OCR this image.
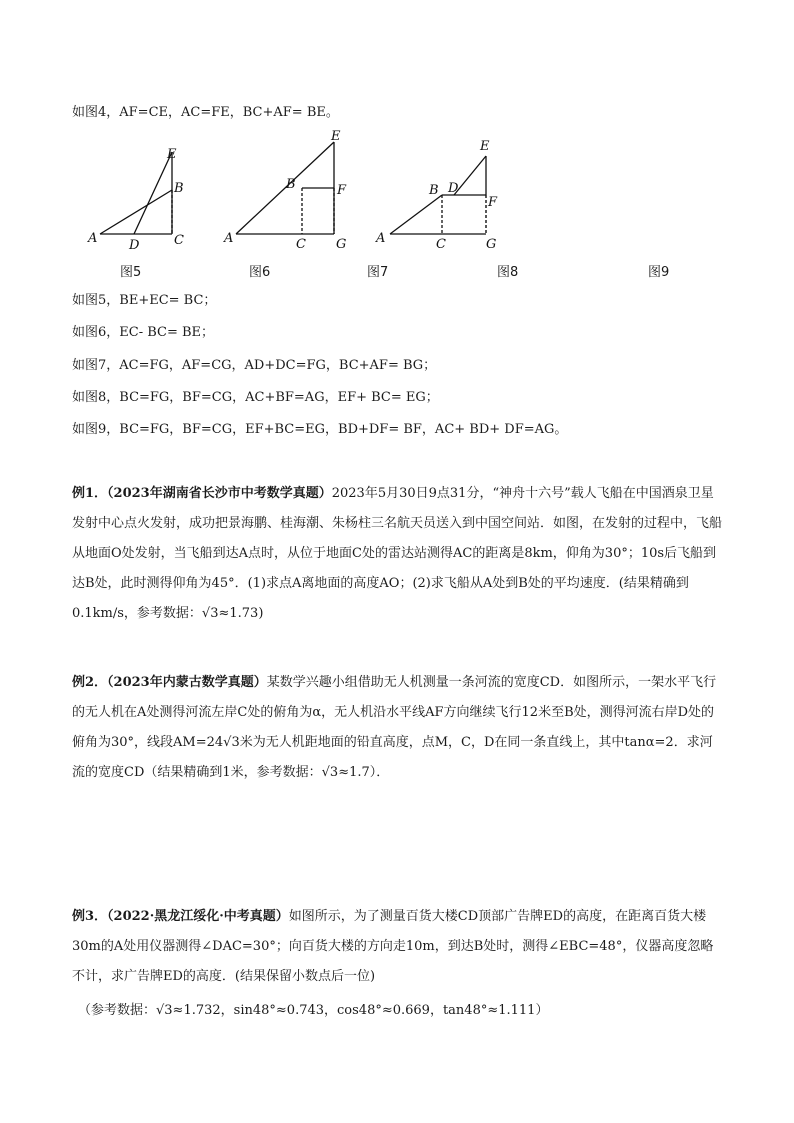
如图4，AF=CE，AC=FE，BC+AF= BE。
E
B
A D	C
E
B	F
A	C G
E
B D
F
A	C	G
图5	图6	图7	图8	图9
如图5，BE+EC= BC；
如图6，EC- BC= BE；
如图7，AC=FG，AF=CG，AD+DC=FG，BC+AF= BG；
如图8，BC=FG，BF=CG，AC+BF=AG，EF+ BC= EG；
如图9，BC=FG，BF=CG，EF+BC=EG，BD+DF= BF，AC+ BD+ DF=AG。
例1．（2023年湖南省长沙市中考数学真题）2023年5月30日9点31分，“神舟十六号”载人飞船在中国酒泉卫星发射中心点火发射，成功把景海鹏、桂海潮、朱杨柱三名航天员送入到中国空间站．如图，在发射的过程中，飞船从地面O处发射，当飞船到达A点时，从位于地面C处的雷达站测得AC的距离是8km，仰角为30°；10s后飞船到达B处，此时测得仰角为45°．(1)求点A离地面的高度AO；(2)求飞船从A处到B处的平均速度．(结果精确到0.1km/s，参考数据：√3≈1.73)
例2．（2023年内蒙古数学真题）某数学兴趣小组借助无人机测量一条河流的宽度CD．如图所示，一架水平飞行的无人机在A处测得河流左岸C处的俯角为α，无人机沿水平线AF方向继续飞行12米至B处，测得河流右岸D处的俯角为30°，线段AM=24√3米为无人机距地面的铅直高度，点M，C，D在同一条直线上，其中tanα=2．求河流的宽度CD（结果精确到1米，参考数据：√3≈1.7）．
例3．（2022·黑龙江绥化·中考真题）如图所示，为了测量百货大楼CD顶部广告牌ED的高度，在距离百货大楼30m的A处用仪器测得∠DAC=30°；向百货大楼的方向走10m，到达B处时，测得∠EBC=48°，仪器高度忽略不计，求广告牌ED的高度．(结果保留小数点后一位)
（参考数据：√3≈1.732，sin48°≈0.743，cos48°≈0.669，tan48°≈1.111）
